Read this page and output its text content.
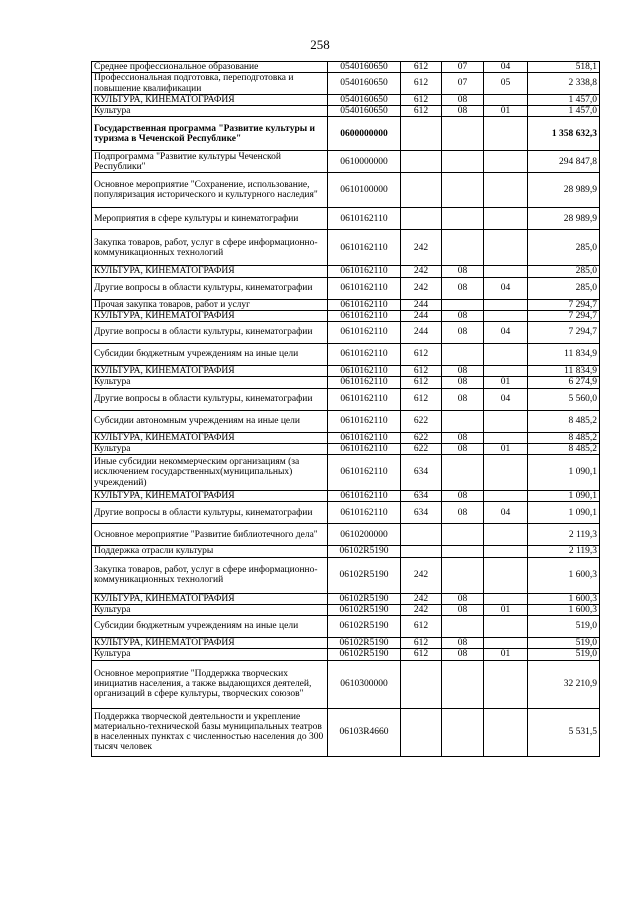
258
Среднее профессиональное образование	0540160650	612	07	04	518,1
Профессиональная подготовка, переподготовка и повышение квалификации	0540160650	612	07	05	2 338,8
КУЛЬТУРА, КИНЕМАТОГРАФИЯ	0540160650	612	08		1 457,0
Культура	0540160650	612	08	01	1 457,0
Государственная программа "Развитие культуры и туризма в Чеченской Республике"	0600000000				1 358 632,3
Подпрограмма "Развитие культуры Чеченской Республики"	0610000000				294 847,8
Основное мероприятие "Сохранение, использование, популяризация исторического и культурного наследия"	0610100000				28 989,9
Мероприятия в сфере культуры и кинематографии	0610162110				28 989,9
Закупка товаров, работ, услуг в сфере информационно-коммуникационных технологий	0610162110	242			285,0
КУЛЬТУРА, КИНЕМАТОГРАФИЯ	0610162110	242	08		285,0
Другие вопросы в области культуры, кинематографии	0610162110	242	08	04	285,0
Прочая закупка товаров, работ и услуг	0610162110	244			7 294,7
КУЛЬТУРА, КИНЕМАТОГРАФИЯ	0610162110	244	08		7 294,7
Другие вопросы в области культуры, кинематографии	0610162110	244	08	04	7 294,7
Субсидии бюджетным учреждениям на иные цели	0610162110	612			11 834,9
КУЛЬТУРА, КИНЕМАТОГРАФИЯ	0610162110	612	08		11 834,9
Культура	0610162110	612	08	01	6 274,9
Другие вопросы в области культуры, кинематографии	0610162110	612	08	04	5 560,0
Субсидии автономным учреждениям на иные цели	0610162110	622			8 485,2
КУЛЬТУРА, КИНЕМАТОГРАФИЯ	0610162110	622	08		8 485,2
Культура	0610162110	622	08	01	8 485,2
Иные субсидии некоммерческим организациям (за исключением государственных(муниципальных) учреждений)	0610162110	634			1 090,1
КУЛЬТУРА, КИНЕМАТОГРАФИЯ	0610162110	634	08		1 090,1
Другие вопросы в области культуры, кинематографии	0610162110	634	08	04	1 090,1
Основное мероприятие "Развитие библиотечного дела"	0610200000				2 119,3
Поддержка отрасли культуры	06102R5190				2 119,3
Закупка товаров, работ, услуг в сфере информационно-коммуникационных технологий	06102R5190	242			1 600,3
КУЛЬТУРА, КИНЕМАТОГРАФИЯ	06102R5190	242	08		1 600,3
Культура	06102R5190	242	08	01	1 600,3
Субсидии бюджетным учреждениям на иные цели	06102R5190	612			519,0
КУЛЬТУРА, КИНЕМАТОГРАФИЯ	06102R5190	612	08		519,0
Культура	06102R5190	612	08	01	519,0
Основное мероприятие "Поддержка творческих инициатив населения, а также выдающихся деятелей, организаций в сфере культуры, творческих союзов"	0610300000				32 210,9
Поддержка творческой деятельности и укрепление материально-технической базы муниципальных театров в населенных пунктах с численностью населения до 300 тысяч человек	06103R4660				5 531,5
